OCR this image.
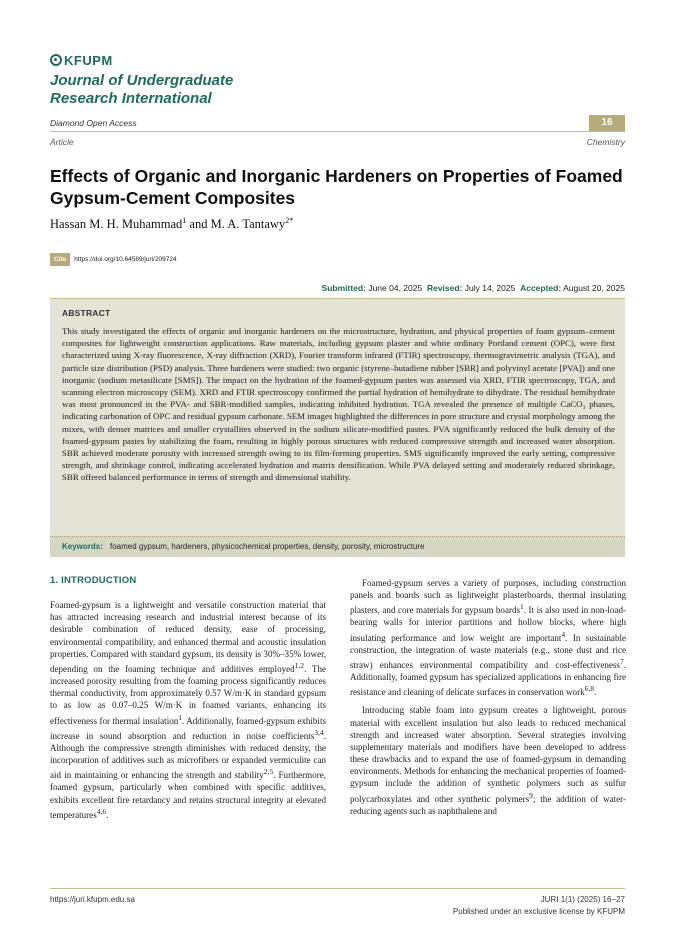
KFUPM
Journal of Undergraduate
Research International
Diamond Open Access	16
Article	Chemistry
Effects of Organic and Inorganic Hardeners on Properties of Foamed Gypsum-Cement Composites
Hassan M. H. Muhammad$^1$ and M. A. Tantawy$^{2*}$
Cite	https://doi.org/10.64589/juri/209724
Submitted: June 04, 2025 Revised: July 14, 2025 Accepted: August 20, 2025
ABSTRACT

This study investigated the effects of organic and inorganic hardeners on the microstructure, hydration, and physical properties of foam gypsum–cement composites for lightweight construction applications. Raw materials, including gypsum plaster and white ordinary Portland cement (OPC), were first characterized using X-ray fluorescence, X-ray diffraction (XRD), Fourier transform infrared (FTIR) spectroscopy, thermogravimetric analysis (TGA), and particle size distribution (PSD) analysis. Three hardeners were studied: two organic (styrene–butadiene rubber [SBR] and polyvinyl acetate [PVA]) and one inorganic (sodium metasilicate [SMS]). The impact on the hydration of the foamed-gypsum pastes was assessed via XRD, FTIR spectroscopy, TGA, and scanning electron microscopy (SEM). XRD and FTIR spectroscopy confirmed the partial hydration of hemihydrate to dihydrate. The residual hemihydrate was most pronounced in the PVA- and SBR-modified samples, indicating inhibited hydration. TGA revealed the presence of multiple CaCO₃ phases, indicating carbonation of OPC and residual gypsum carbonate. SEM images highlighted the differences in pore structure and crystal morphology among the mixes, with denser matrices and smaller crystallites observed in the sodium silicate-modified pastes. PVA significantly reduced the bulk density of the foamed-gypsum pastes by stabilizing the foam, resulting in highly porous structures with reduced compressive strength and increased water absorption. SBR achieved moderate porosity with increased strength owing to its film-forming properties. SMS significantly improved the early setting, compressive strength, and shrinkage control, indicating accelerated hydration and matrix densification. While PVA delayed setting and moderately reduced shrinkage, SBR offered balanced performance in terms of strength and dimensional stability.

Keywords: foamed gypsum, hardeners, physicochemical properties, density, porosity, microstructure
1. INTRODUCTION

Foamed-gypsum is a lightweight and versatile construction material that has attracted increasing research and industrial interest because of its desirable combination of reduced density, ease of processing, environmental compatibility, and enhanced thermal and acoustic insulation properties. Compared with standard gypsum, its density is 30%–35% lower, depending on the foaming technique and additives employed$^{1,2}$. The increased porosity resulting from the foaming process significantly reduces thermal conductivity, from approximately 0.57 W/m·K in standard gypsum to as low as 0.07–0.25 W/m·K in foamed variants, enhancing its effectiveness for thermal insulation$^1$. Additionally, foamed-gypsum exhibits increase in sound absorption and reduction in noise coefficients$^{3,4}$. Although the compressive strength diminishes with reduced density, the incorporation of additives such as microfibers or expanded vermiculite can aid in maintaining or enhancing the strength and stability$^{2,5}$. Furthermore, foamed gypsum, particularly when combined with specific additives, exhibits excellent fire retardancy and retains structural integrity at elevated temperatures$^{4,6}$.

Foamed-gypsum serves a variety of purposes, including construction panels and boards such as lightweight plasterboards, thermal insulating plasters, and core materials for gypsum boards$^1$. It is also used in non-load-bearing walls for interior partitions and hollow blocks, where high insulating performance and low weight are important$^4$. In sustainable construction, the integration of waste materials (e.g., stone dust and rice straw) enhances environmental compatibility and cost-effectiveness$^7$. Additionally, foamed gypsum has specialized applications in enhancing fire resistance and cleaning of delicate surfaces in conservation work$^{6,8}$.

Introducing stable foam into gypsum creates a lightweight, porous material with excellent insulation but also leads to reduced mechanical strength and increased water absorption. Several strategies involving supplementary materials and modifiers have been developed to address these drawbacks and to expand the use of foamed-gypsum in demanding environments. Methods for enhancing the mechanical properties of foamed-gypsum include the addition of synthetic polymers such as sulfur polycarboxylates and other synthetic polymers$^9$; the addition of water-reducing agents such as naphthalene and

https://juri.kfupm.edu.sa	JURI 1(1) (2025) 16−27
Published under an exclusive license by KFUPM
